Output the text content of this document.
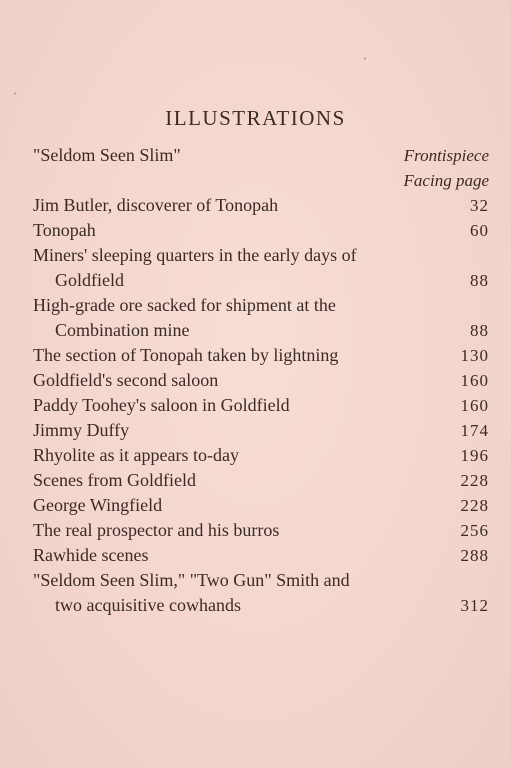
ILLUSTRATIONS
"Seldom Seen Slim"	Frontispiece
Facing page
Jim Butler, discoverer of Tonopah	32
Tonopah	60
Miners' sleeping quarters in the early days of
Goldfield	88
High-grade ore sacked for shipment at the
Combination mine	88
The section of Tonopah taken by lightning	130
Goldfield's second saloon	160
Paddy Toohey's saloon in Goldfield	160
Jimmy Duffy	174
Rhyolite as it appears to-day	196
Scenes from Goldfield	228
George Wingfield	228
The real prospector and his burros	256
Rawhide scenes	288
"Seldom Seen Slim," "Two Gun" Smith and
two acquisitive cowhands	312
